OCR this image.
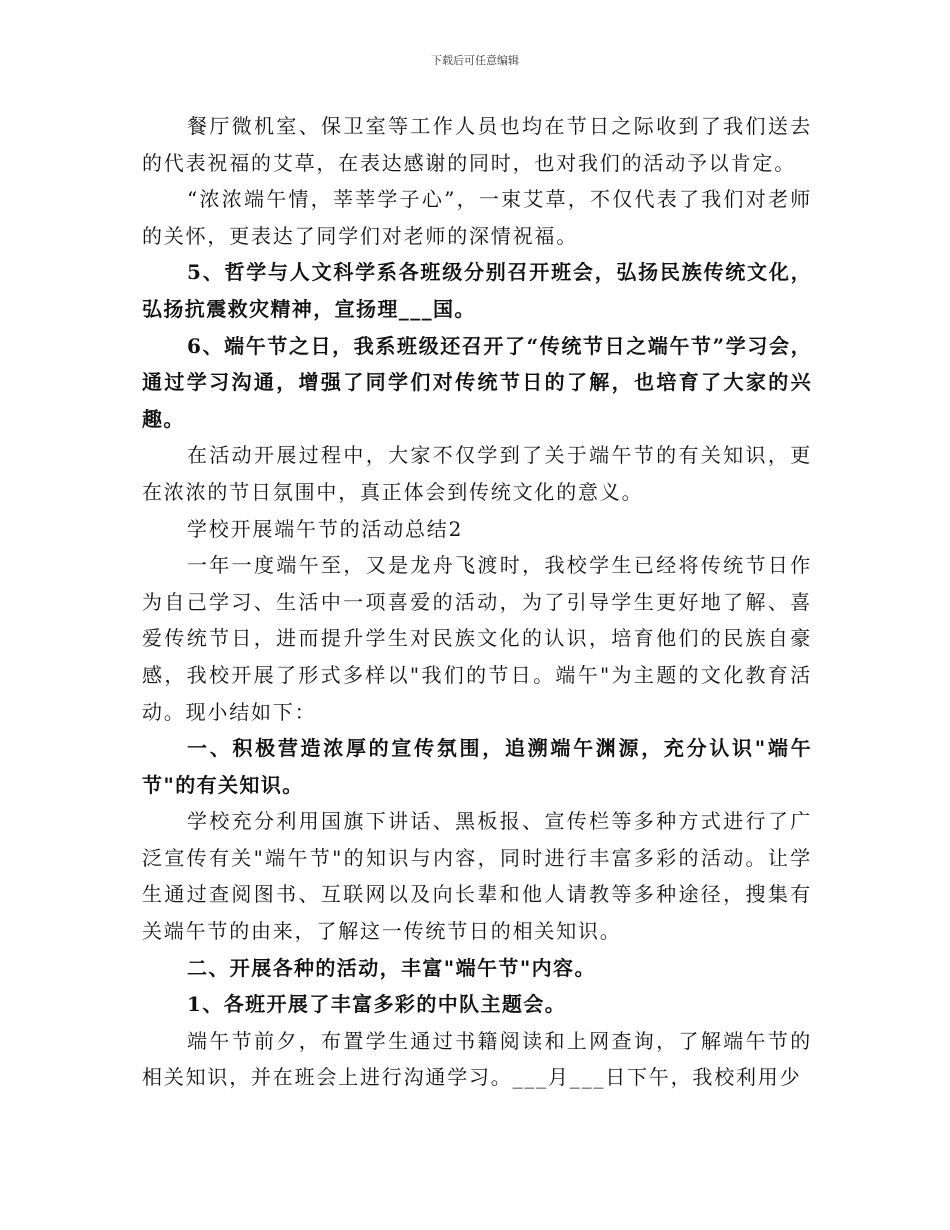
下载后可任意编辑

餐厅微机室、保卫室等工作人员也均在节日之际收到了我们送去的代表祝福的艾草，在表达感谢的同时，也对我们的活动予以肯定。

“浓浓端午情，莘莘学子心”，一束艾草，不仅代表了我们对老师的关怀，更表达了同学们对老师的深情祝福。

5、哲学与人文科学系各班级分别召开班会，弘扬民族传统文化，弘扬抗震救灾精神，宣扬理___国。

6、端午节之日，我系班级还召开了“传统节日之端午节”学习会，通过学习沟通，增强了同学们对传统节日的了解，也培育了大家的兴趣。

在活动开展过程中，大家不仅学到了关于端午节的有关知识，更在浓浓的节日氛围中，真正体会到传统文化的意义。

学校开展端午节的活动总结2

一年一度端午至，又是龙舟飞渡时，我校学生已经将传统节日作为自己学习、生活中一项喜爱的活动，为了引导学生更好地了解、喜爱传统节日，进而提升学生对民族文化的认识，培育他们的民族自豪感，我校开展了形式多样以"我们的节日。端午"为主题的文化教育活动。现小结如下：

一、积极营造浓厚的宣传氛围，追溯端午渊源，充分认识"端午节"的有关知识。

学校充分利用国旗下讲话、黑板报、宣传栏等多种方式进行了广泛宣传有关"端午节"的知识与内容，同时进行丰富多彩的活动。让学生通过查阅图书、互联网以及向长辈和他人请教等多种途径，搜集有关端午节的由来，了解这一传统节日的相关知识。

二、开展各种的活动，丰富"端午节"内容。

1、各班开展了丰富多彩的中队主题会。

端午节前夕，布置学生通过书籍阅读和上网查询，了解端午节的相关知识，并在班会上进行沟通学习。___月___日下午，我校利用少
